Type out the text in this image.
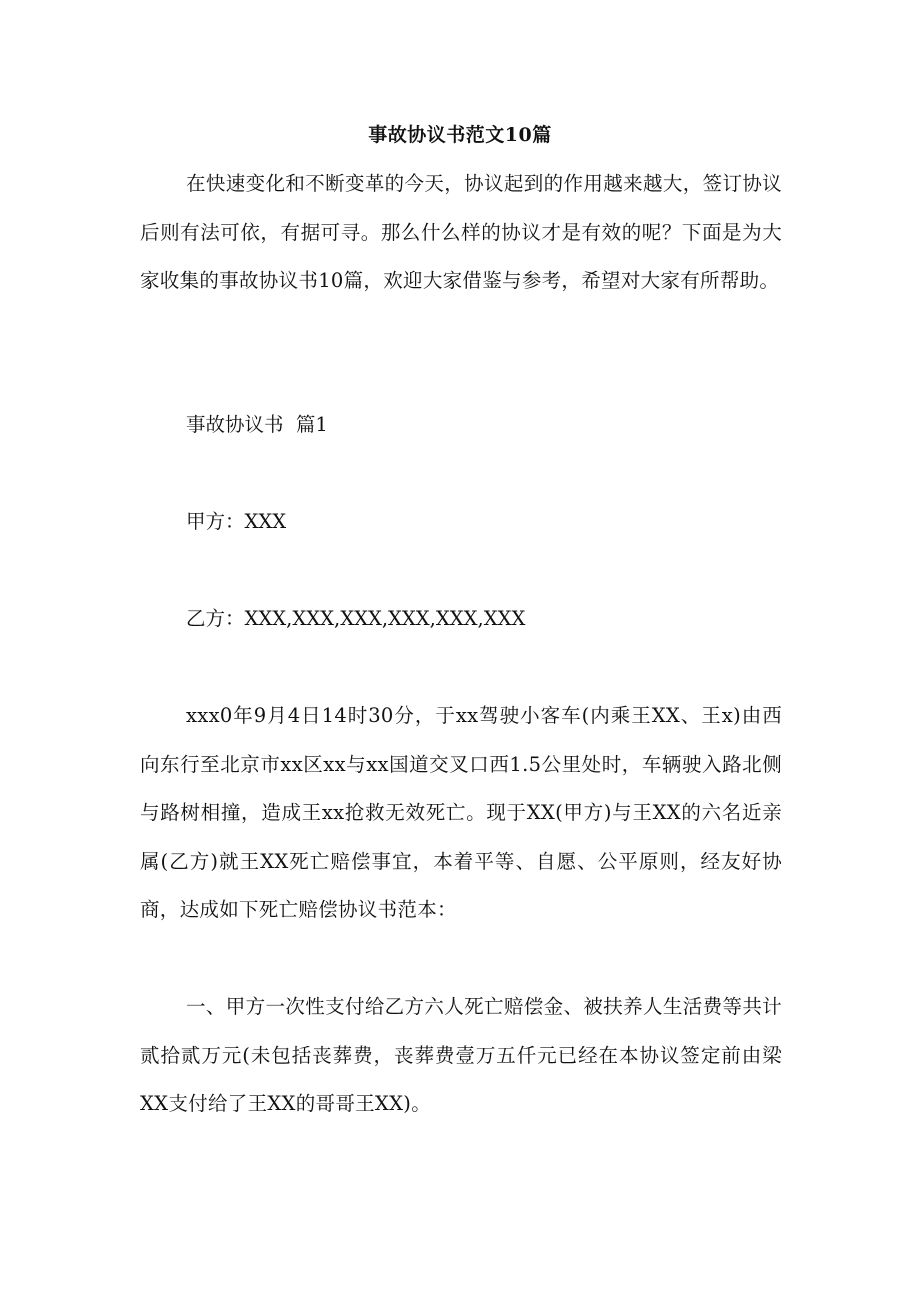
事故协议书范文10篇

在快速变化和不断变革的今天，协议起到的作用越来越大，签订协议后则有法可依，有据可寻。那么什么样的协议才是有效的呢？下面是为大家收集的事故协议书10篇，欢迎大家借鉴与参考，希望对大家有所帮助。

事故协议书  篇1

甲方：XXX

乙方：XXX,XXX,XXX,XXX,XXX,XXX

xxx0年9月4日14时30分，于xx驾驶小客车(内乘王XX、王x)由西向东行至北京市xx区xx与xx国道交叉口西1.5公里处时，车辆驶入路北侧与路树相撞，造成王xx抢救无效死亡。现于XX(甲方)与王XX的六名近亲属(乙方)就王XX死亡赔偿事宜，本着平等、自愿、公平原则，经友好协商，达成如下死亡赔偿协议书范本：

一、甲方一次性支付给乙方六人死亡赔偿金、被扶养人生活费等共计贰拾贰万元(未包括丧葬费，丧葬费壹万五仟元已经在本协议签定前由梁XX支付给了王XX的哥哥王XX)。
